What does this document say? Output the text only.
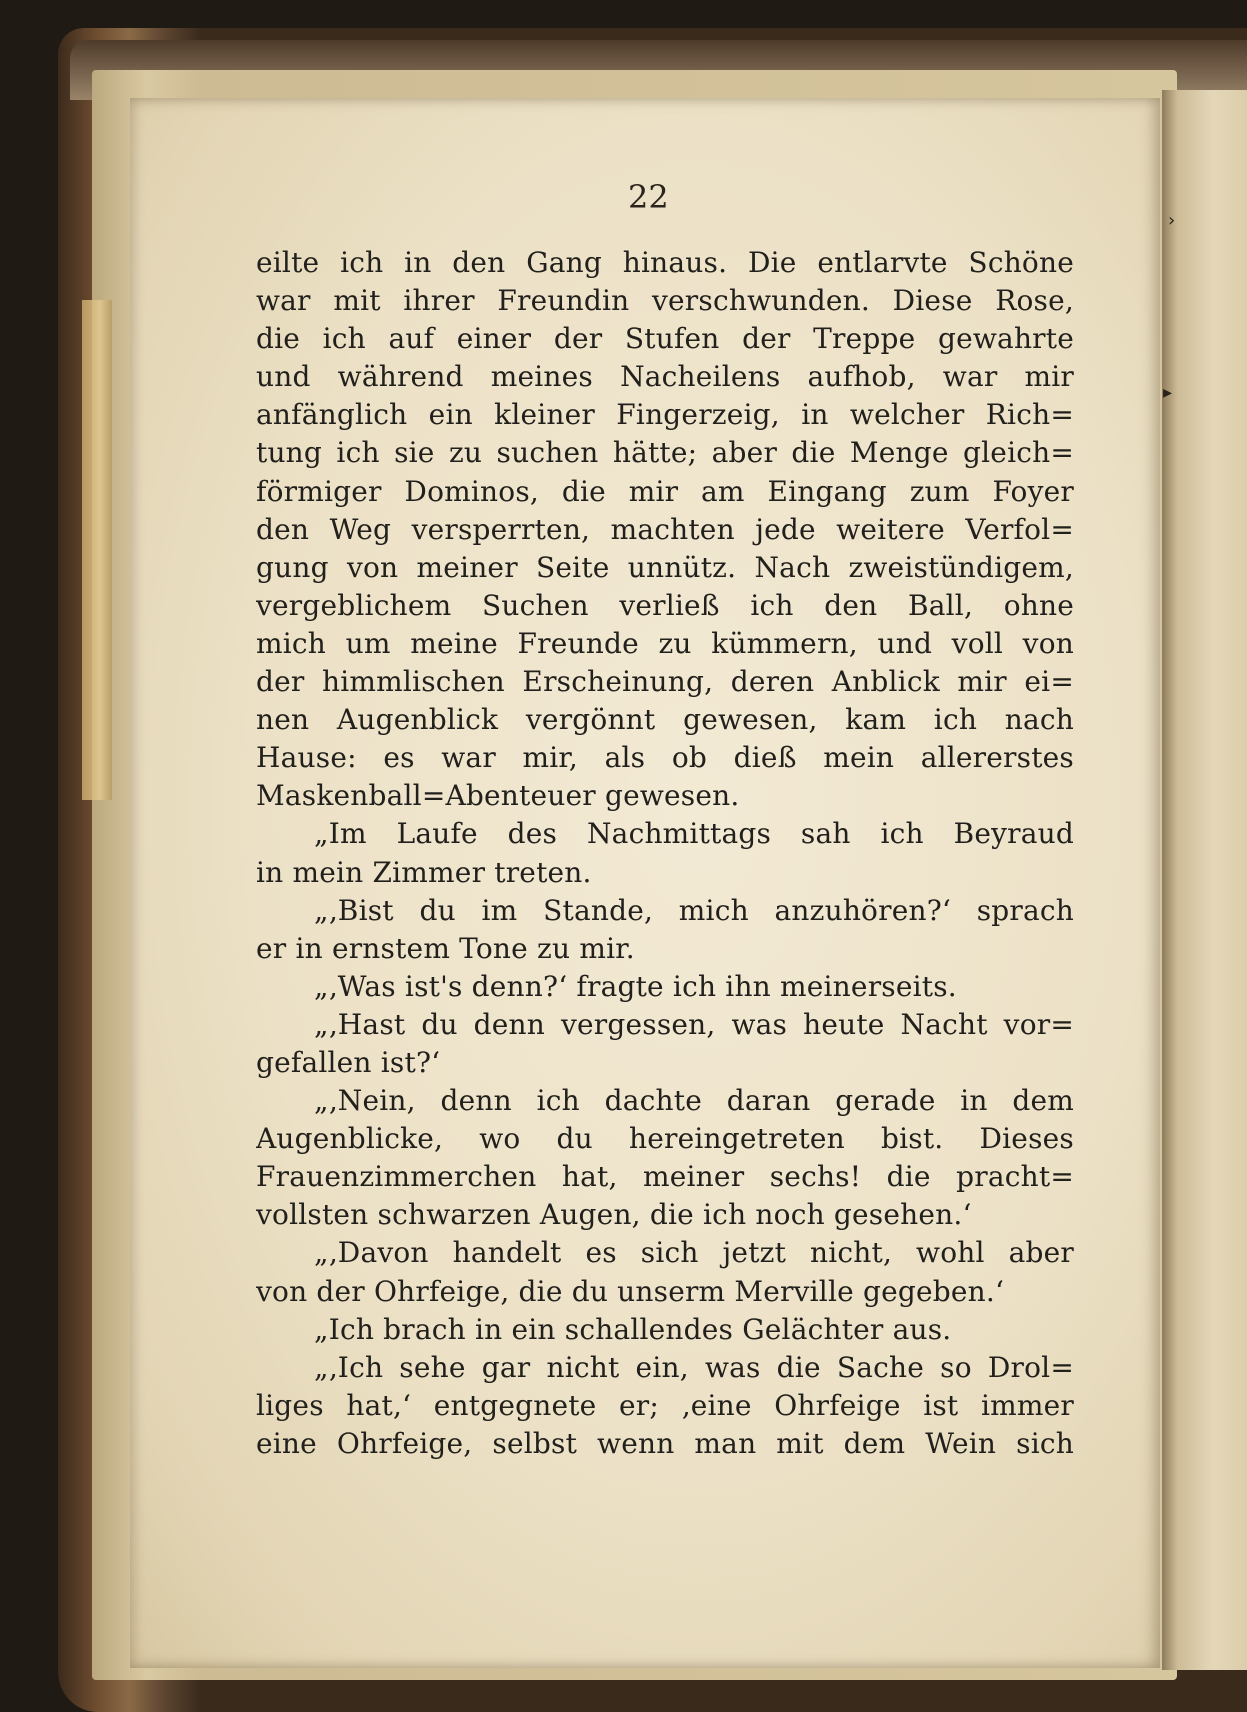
22
eilte ich in den Gang hinaus. Die entlarvte Schöne
war mit ihrer Freundin verschwunden. Diese Rose,
die ich auf einer der Stufen der Treppe gewahrte
und während meines Nacheilens aufhob, war mir
anfänglich ein kleiner Fingerzeig, in welcher Rich=
tung ich sie zu suchen hätte; aber die Menge gleich=
förmiger Dominos, die mir am Eingang zum Foyer
den Weg versperrten, machten jede weitere Verfol=
gung von meiner Seite unnütz. Nach zweistündigem,
vergeblichem Suchen verließ ich den Ball, ohne
mich um meine Freunde zu kümmern, und voll von
der himmlischen Erscheinung, deren Anblick mir ei=
nen Augenblick vergönnt gewesen, kam ich nach
Hause: es war mir, als ob dieß mein allererstes
Maskenball=Abenteuer gewesen.
„Im Laufe des Nachmittags sah ich Beyraud
in mein Zimmer treten.
„‚Bist du im Stande, mich anzuhören?‘ sprach
er in ernstem Tone zu mir.
„‚Was ist's denn?‘ fragte ich ihn meinerseits.
„‚Hast du denn vergessen, was heute Nacht vor=
gefallen ist?‘
„‚Nein, denn ich dachte daran gerade in dem
Augenblicke, wo du hereingetreten bist. Dieses
Frauenzimmerchen hat, meiner sechs! die pracht=
vollsten schwarzen Augen, die ich noch gesehen.‘
„‚Davon handelt es sich jetzt nicht, wohl aber
von der Ohrfeige, die du unserm Merville gegeben.‘
„Ich brach in ein schallendes Gelächter aus.
„‚Ich sehe gar nicht ein, was die Sache so Drol=
liges hat,‘ entgegnete er; ‚eine Ohrfeige ist immer
eine Ohrfeige, selbst wenn man mit dem Wein sich
›
▸
